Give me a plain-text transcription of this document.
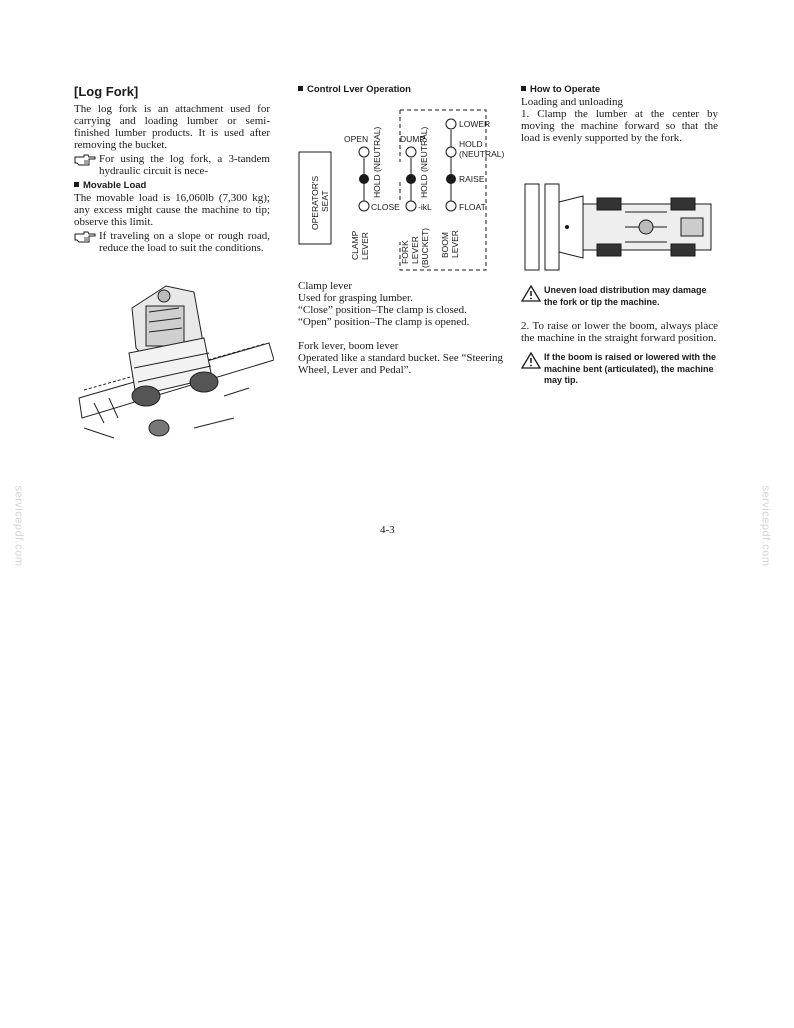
[Log Fork]

The log fork is an attachment used for carrying and loading lumber or semi-finished lumber products. It is used after removing the bucket.

For using the log fork, a 3-tandem hydraulic circuit is nece-

Movable Load

The movable load is 16,060lb (7,300 kg); any excess might cause the machine to tip; observe this limit.

If traveling on a slope or rough road, reduce the load to suit the conditions.

Control Lver Operation
OPERATOR'S SEAT
OPEN HOLD (NEUTRAL)
CLOSE
CLAMP LEVER
DUMP
HOLD (NEUTRAL)
-ikL
FORK LEVER (BUCKET)
LOWER
HOLD
(NEUTRAL)
RAISE
FLOAT
BOOM LEVER

Clamp lever

Used for grasping lumber.

“Close” position–The clamp is closed.

“Open” position–The clamp is opened.

Fork lever, boom lever

Operated like a standard bucket. See “Steering Wheel, Lever and Pedal”.

How to Operate

Loading and unloading

1. Clamp the lumber at the center by moving the machine forward so that the load is evenly supported by the fork.

Uneven load distribution may damage the fork or tip the machine.

2. To raise or lower the boom, always place the machine in the straight forward position.

If the boom is raised or lowered with the machine bent (articulated), the machine may tip.

4-3
servicepdf.com	servicepdf.com
